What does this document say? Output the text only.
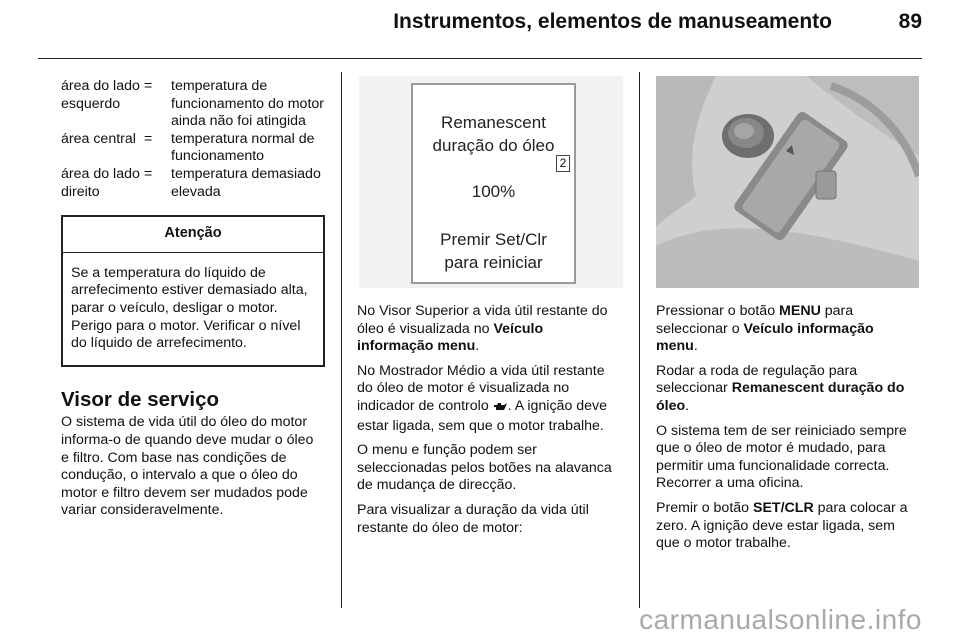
Instrumentos, elementos de manuseamento	89
área do lado esquerdo	=	temperatura de funcionamento do motor ainda não foi atingida
área central	=	temperatura normal de funcionamento
área do lado direito	=	temperatura demasiado elevada
Atenção
Se a temperatura do líquido de arrefecimento estiver demasiado alta, parar o veículo, desligar o motor. Perigo para o motor. Verificar o nível do líquido de arrefecimento.
Visor de serviço

O sistema de vida útil do óleo do motor informa-o de quando deve mudar o óleo e filtro. Com base nas condições de condução, o intervalo a que o óleo do motor e filtro devem ser mudados pode variar consideravelmente.

Remanescent
duração do óleo
2
100%
Premir Set/Clr
para reiniciar

No Visor Superior a vida útil restante do óleo é visualizada no Veículo informação menu.

No Mostrador Médio a vida útil restante do óleo de motor é visualizada no indicador de controlo . A ignição deve estar ligada, sem que o motor trabalhe.

O menu e função podem ser seleccionadas pelos botões na alavanca de mudança de direcção.

Para visualizar a duração da vida útil restante do óleo de motor:

Pressionar o botão MENU para seleccionar o Veículo informação menu.

Rodar a roda de regulação para seleccionar Remanescent duração do óleo.

O sistema tem de ser reiniciado sempre que o óleo de motor é mudado, para permitir uma funcionalidade correcta. Recorrer a uma oficina.

Premir o botão SET/CLR para colocar a zero. A ignição deve estar ligada, sem que o motor trabalhe.

carmanualsonline.info
